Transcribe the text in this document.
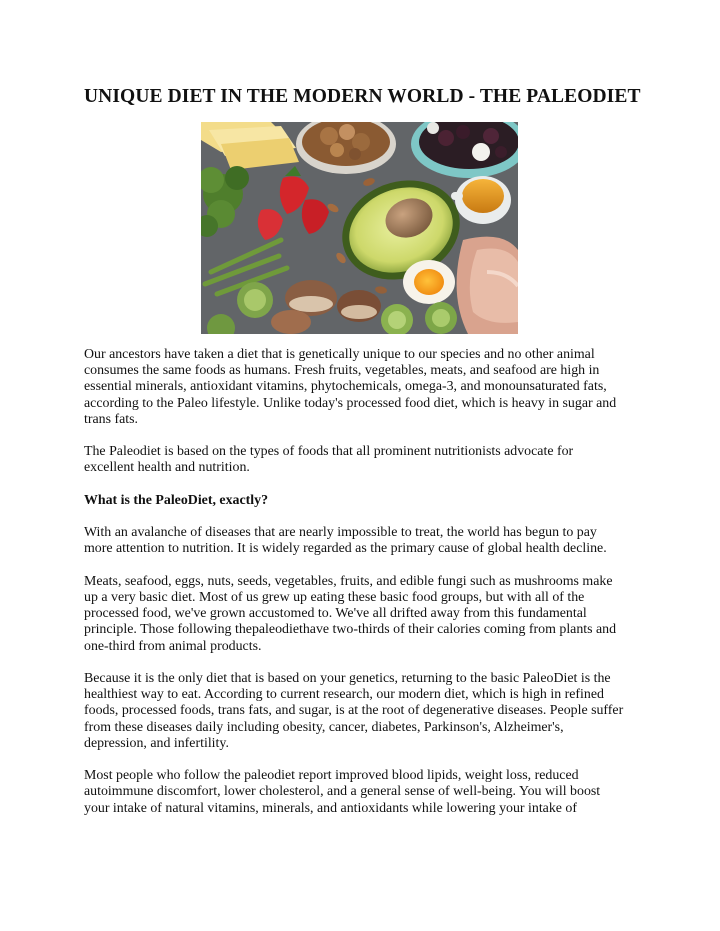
UNIQUE DIET IN THE MODERN WORLD - THE PALEODIET

Our ancestors have taken a diet that is genetically unique to our species and no other animal
consumes the same foods as humans. Fresh fruits, vegetables, meats, and seafood are high in
essential minerals, antioxidant vitamins, phytochemicals, omega-3, and monounsaturated fats,
according to the Paleo lifestyle. Unlike today's processed food diet, which is heavy in sugar and
trans fats.

The Paleodiet is based on the types of foods that all prominent nutritionists advocate for
excellent health and nutrition.

What is the PaleoDiet, exactly?

With an avalanche of diseases that are nearly impossible to treat, the world has begun to pay
more attention to nutrition. It is widely regarded as the primary cause of global health decline.

Meats, seafood, eggs, nuts, seeds, vegetables, fruits, and edible fungi such as mushrooms make
up a very basic diet. Most of us grew up eating these basic food groups, but with all of the
processed food, we've grown accustomed to. We've all drifted away from this fundamental
principle. Those following thepaleodiethave two-thirds of their calories coming from plants and
one-third from animal products.

Because it is the only diet that is based on your genetics, returning to the basic PaleoDiet is the
healthiest way to eat. According to current research, our modern diet, which is high in refined
foods, processed foods, trans fats, and sugar, is at the root of degenerative diseases. People suffer
from these diseases daily including obesity, cancer, diabetes, Parkinson's, Alzheimer's,
depression, and infertility.

Most people who follow the paleodiet report improved blood lipids, weight loss, reduced
autoimmune discomfort, lower cholesterol, and a general sense of well-being. You will boost
your intake of natural vitamins, minerals, and antioxidants while lowering your intake of
